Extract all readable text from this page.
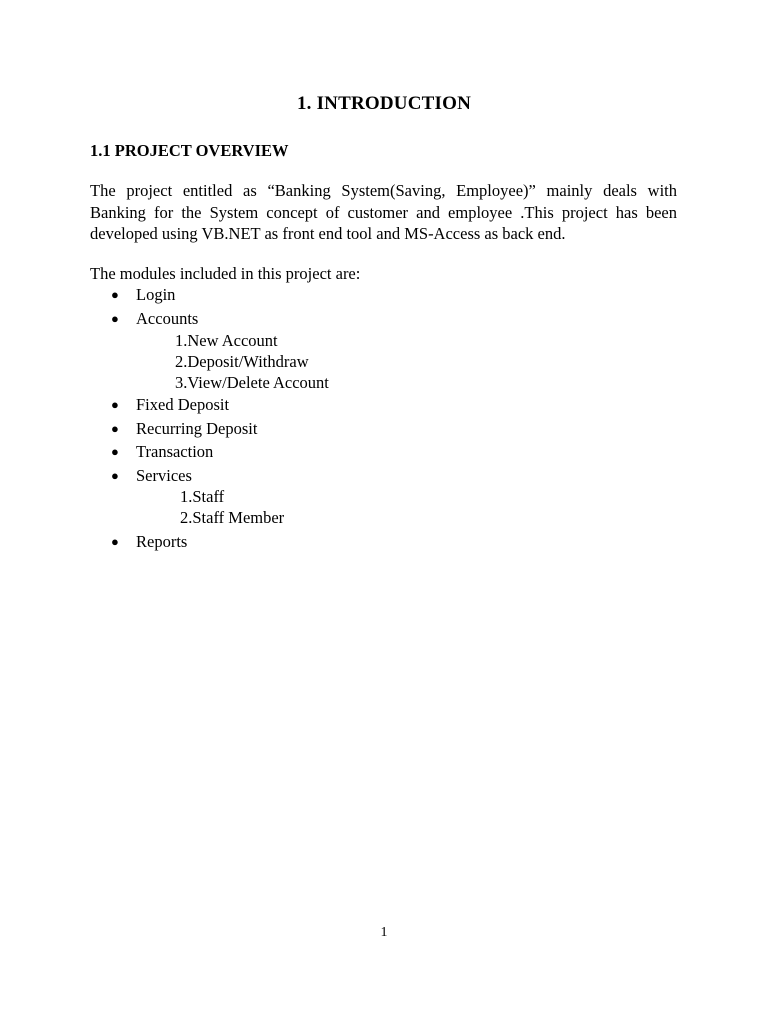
1. INTRODUCTION
1.1 PROJECT OVERVIEW

The project entitled as “Banking System(Saving, Employee)” mainly deals with Banking for the System concept of customer and employee .This project has been developed using VB.NET as front end tool and MS-Access as back end.

The modules included in this project are:

● Login
● Accounts
1.New Account
2.Deposit/Withdraw
3.View/Delete Account
● Fixed Deposit
● Recurring Deposit
● Transaction
● Services
1.Staff
2.Staff Member
● Reports
1
